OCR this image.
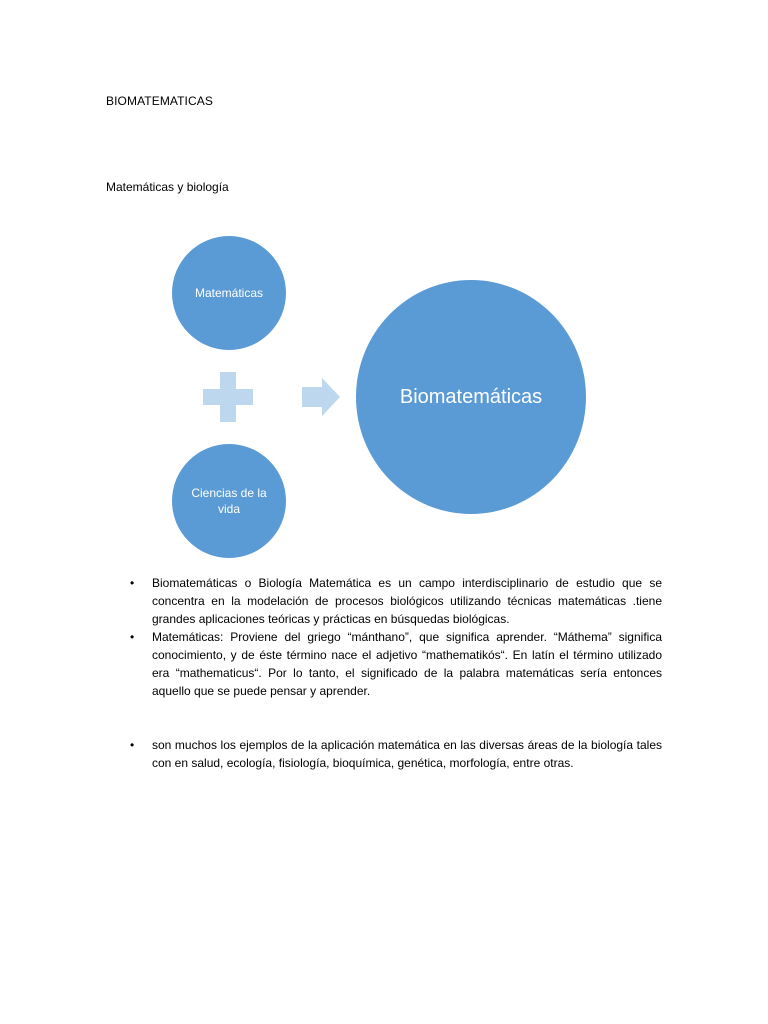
BIOMATEMATICAS
Matemáticas y biología
Matemáticas
Ciencias de la vida
Biomatemáticas
• Biomatemáticas o Biología Matemática es un campo interdisciplinario de estudio que se concentra en la modelación de procesos biológicos utilizando técnicas matemáticas .tiene grandes aplicaciones teóricas y prácticas en búsquedas biológicas.
• Matemáticas: Proviene del griego “mánthano”, que significa aprender. “Máthema” significa conocimiento, y de éste término nace el adjetivo “mathematikós“. En latín el término utilizado era “mathematicus“. Por lo tanto, el significado de la palabra matemáticas sería entonces aquello que se puede pensar y aprender.
• son muchos los ejemplos de la aplicación matemática en las diversas áreas de la biología tales con en salud, ecología, fisiología, bioquímica, genética, morfología, entre otras.
